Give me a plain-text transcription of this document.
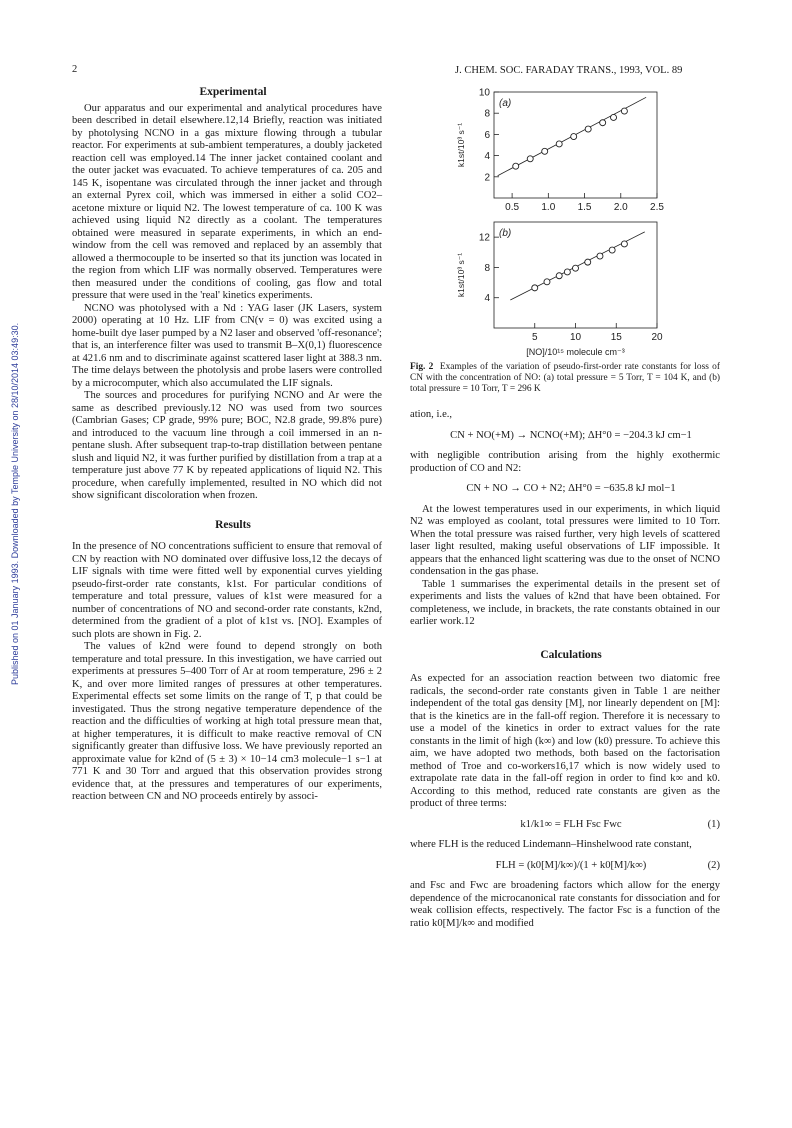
2	J. CHEM. SOC. FARADAY TRANS., 1993, VOL. 89
Published on 01 January 1993. Downloaded by Temple University on 28/10/2014 03:49:30.

Experimental

Our apparatus and our experimental and analytical procedures have been described in detail elsewhere.12,14 Briefly, reaction was initiated by photolysing NCNO in a gas mixture flowing through a tubular reactor. For experiments at sub-ambient temperatures, a doubly jacketed reaction cell was employed.14 The inner jacket contained coolant and the outer jacket was evacuated. To achieve temperatures of ca. 205 and 145 K, isopentane was circulated through the inner jacket and through an external Pyrex coil, which was immersed in either a solid CO2–acetone mixture or liquid N2. The lowest temperature of ca. 100 K was achieved using liquid N2 directly as a coolant. The temperatures obtained were measured in separate experiments, in which an end-window from the cell was removed and replaced by an assembly that allowed a thermocouple to be inserted so that its junction was located in the region from which LIF was normally observed. Temperatures were then measured under the conditions of cooling, gas flow and total pressure that were used in the 'real' kinetics experiments.

NCNO was photolysed with a Nd : YAG laser (JK Lasers, system 2000) operating at 10 Hz. LIF from CN(v = 0) was excited using a home-built dye laser pumped by a N2 laser and observed 'off-resonance'; that is, an interference filter was used to transmit B–X(0,1) fluorescence at 421.6 nm and to discriminate against scattered laser light at 388.3 nm. The time delays between the photolysis and probe lasers were controlled by a microcomputer, which also accumulated the LIF signals.

The sources and procedures for purifying NCNO and Ar were the same as described previously.12 NO was used from two sources (Cambrian Gases; CP grade, 99% pure; BOC, N2.8 grade, 99.8% pure) and introduced to the vacuum line through a coil immersed in an n-pentane slush. After subsequent trap-to-trap distillation between pentane slush and liquid N2, it was further purified by distillation from a trap at a temperature just above 77 K by repeated applications of liquid N2. This procedure, when carefully implemented, resulted in NO which did not show significant discoloration when frozen.

Results

In the presence of NO concentrations sufficient to ensure that removal of CN by reaction with NO dominated over diffusive loss,12 the decays of LIF signals with time were fitted well by exponential curves yielding pseudo-first-order rate constants, k1st. For particular conditions of temperature and total pressure, values of k1st were measured for a number of concentrations of NO and second-order rate constants, k2nd, determined from the gradient of a plot of k1st vs. [NO]. Examples of such plots are shown in Fig. 2.

The values of k2nd were found to depend strongly on both temperature and total pressure. In this investigation, we have carried out experiments at pressures 5–400 Torr of Ar at room temperature, 296 ± 2 K, and over more limited ranges of pressures at other temperatures. Experimental effects set some limits on the range of T, p that could be investigated. Thus the strong negative temperature dependence of the reaction and the difficulties of working at high total pressure mean that, at higher temperatures, it is difficult to make reactive removal of CN significantly greater than diffusive loss. We have previously reported an approximate value for k2nd of (5 ± 3) × 10−14 cm3 molecule−1 s−1 at 771 K and 30 Torr and argued that this observation provides strong evidence that, at the pressures and temperatures of our experiments, reaction between CN and NO proceeds entirely by associ-

2
4
6
8
10
0.5 1.0 1.5 2.0 2.5
(a)
k1st/10³ s⁻¹
4
8
12
5	10	15	20
(b)
k1st/10³ s⁻¹
[NO]/10¹⁵ molecule cm⁻³

Fig. 2 Examples of the variation of pseudo-first-order rate constants for loss of CN with the concentration of NO: (a) total pressure = 5 Torr, T = 104 K, and (b) total pressure = 10 Torr, T = 296 K

ation, i.e.,

CN + NO(+M) → NCNO(+M); ΔH°0 = −204.3 kJ cm−1

with negligible contribution arising from the highly exothermic production of CO and N2:

CN + NO → CO + N2; ΔH°0 = −635.8 kJ mol−1

At the lowest temperatures used in our experiments, in which liquid N2 was employed as coolant, total pressures were limited to 10 Torr. When the total pressure was raised further, very high levels of scattered laser light resulted, making useful observations of LIF impossible. It appears that the enhanced light scattering was due to the onset of NCNO condensation in the gas phase.

Table 1 summarises the experimental details in the present set of experiments and lists the values of k2nd that have been obtained. For completeness, we include, in brackets, the rate constants obtained in our earlier work.12

Calculations

As expected for an association reaction between two diatomic free radicals, the second-order rate constants given in Table 1 are neither independent of the total gas density [M], nor linearly dependent on [M]: that is the kinetics are in the fall-off region. Therefore it is necessary to use a model of the kinetics in order to extract values for the rate constants in the limit of high (k∞) and low (k0) pressure. To achieve this aim, we have adopted two methods, both based on the factorisation method of Troe and co-workers16,17 which is now widely used to extrapolate rate data in the fall-off region in order to find k∞ and k0. According to this method, reduced rate constants are given as the product of three terms:

k1/k1∞ = FLH Fsc Fwc	(1)

where FLH is the reduced Lindemann–Hinshelwood rate constant,

FLH = (k0[M]/k∞)/(1 + k0[M]/k∞)	(2)

and Fsc and Fwc are broadening factors which allow for the energy dependence of the microcanonical rate constants for dissociation and for weak collision effects, respectively. The factor Fsc is a function of the ratio k0[M]/k∞ and modified
